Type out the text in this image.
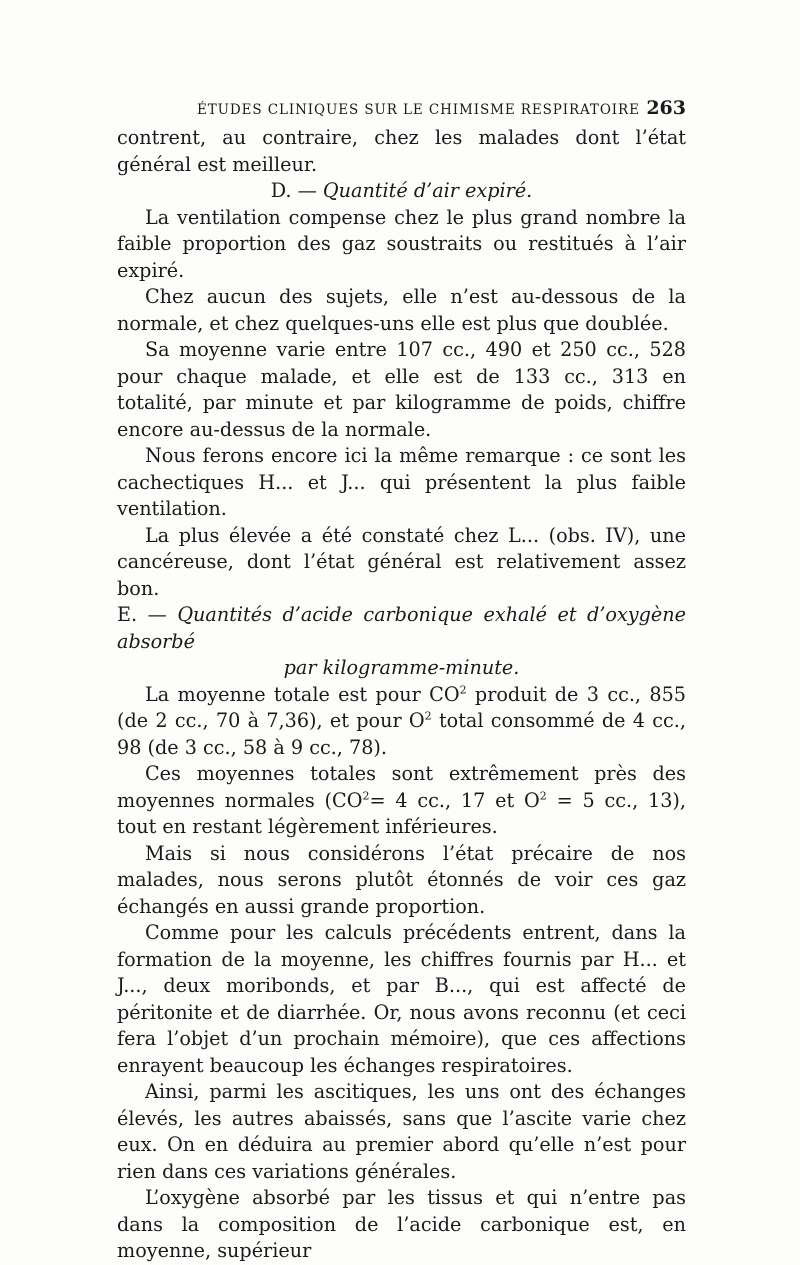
ÉTUDES CLINIQUES SUR LE CHIMISME RESPIRATOIRE 263

contrent, au contraire, chez les malades dont l’état général est meilleur.

D. — Quantité d’air expiré.

La ventilation compense chez le plus grand nombre la faible proportion des gaz soustraits ou restitués à l’air expiré.

Chez aucun des sujets, elle n’est au-dessous de la normale, et chez quelques-uns elle est plus que doublée.

Sa moyenne varie entre 107 cc., 490 et 250 cc., 528 pour chaque malade, et elle est de 133 cc., 313 en totalité, par minute et par kilogramme de poids, chiffre encore au-dessus de la normale.

Nous ferons encore ici la même remarque : ce sont les cachectiques H... et J... qui présentent la plus faible ventilation.

La plus élevée a été constaté chez L... (obs. IV), une cancéreuse, dont l’état général est relativement assez bon.

E. — Quantités d’acide carbonique exhalé et d’oxygène absorbé

par kilogramme-minute.

La moyenne totale est pour $CO^2$ produit de 3 cc., 855 (de 2 cc., 70 à 7,36), et pour $O^2$ total consommé de 4 cc., 98 (de 3 cc., 58 à 9 cc., 78).

Ces moyennes totales sont extrêmement près des moyennes normales ($CO^2= 4$ cc., 17 et $O^2 = 5$ cc., 13), tout en restant légèrement inférieures.

Mais si nous considérons l’état précaire de nos malades, nous serons plutôt étonnés de voir ces gaz échangés en aussi grande proportion.

Comme pour les calculs précédents entrent, dans la formation de la moyenne, les chiffres fournis par H... et J..., deux moribonds, et par B..., qui est affecté de péritonite et de diarrhée. Or, nous avons reconnu (et ceci fera l’objet d’un prochain mémoire), que ces affections enrayent beaucoup les échanges respiratoires.

Ainsi, parmi les ascitiques, les uns ont des échanges élevés, les autres abaissés, sans que l’ascite varie chez eux. On en déduira au premier abord qu’elle n’est pour rien dans ces variations générales.

L’oxygène absorbé par les tissus et qui n’entre pas dans la composition de l’acide carbonique est, en moyenne, supérieur
